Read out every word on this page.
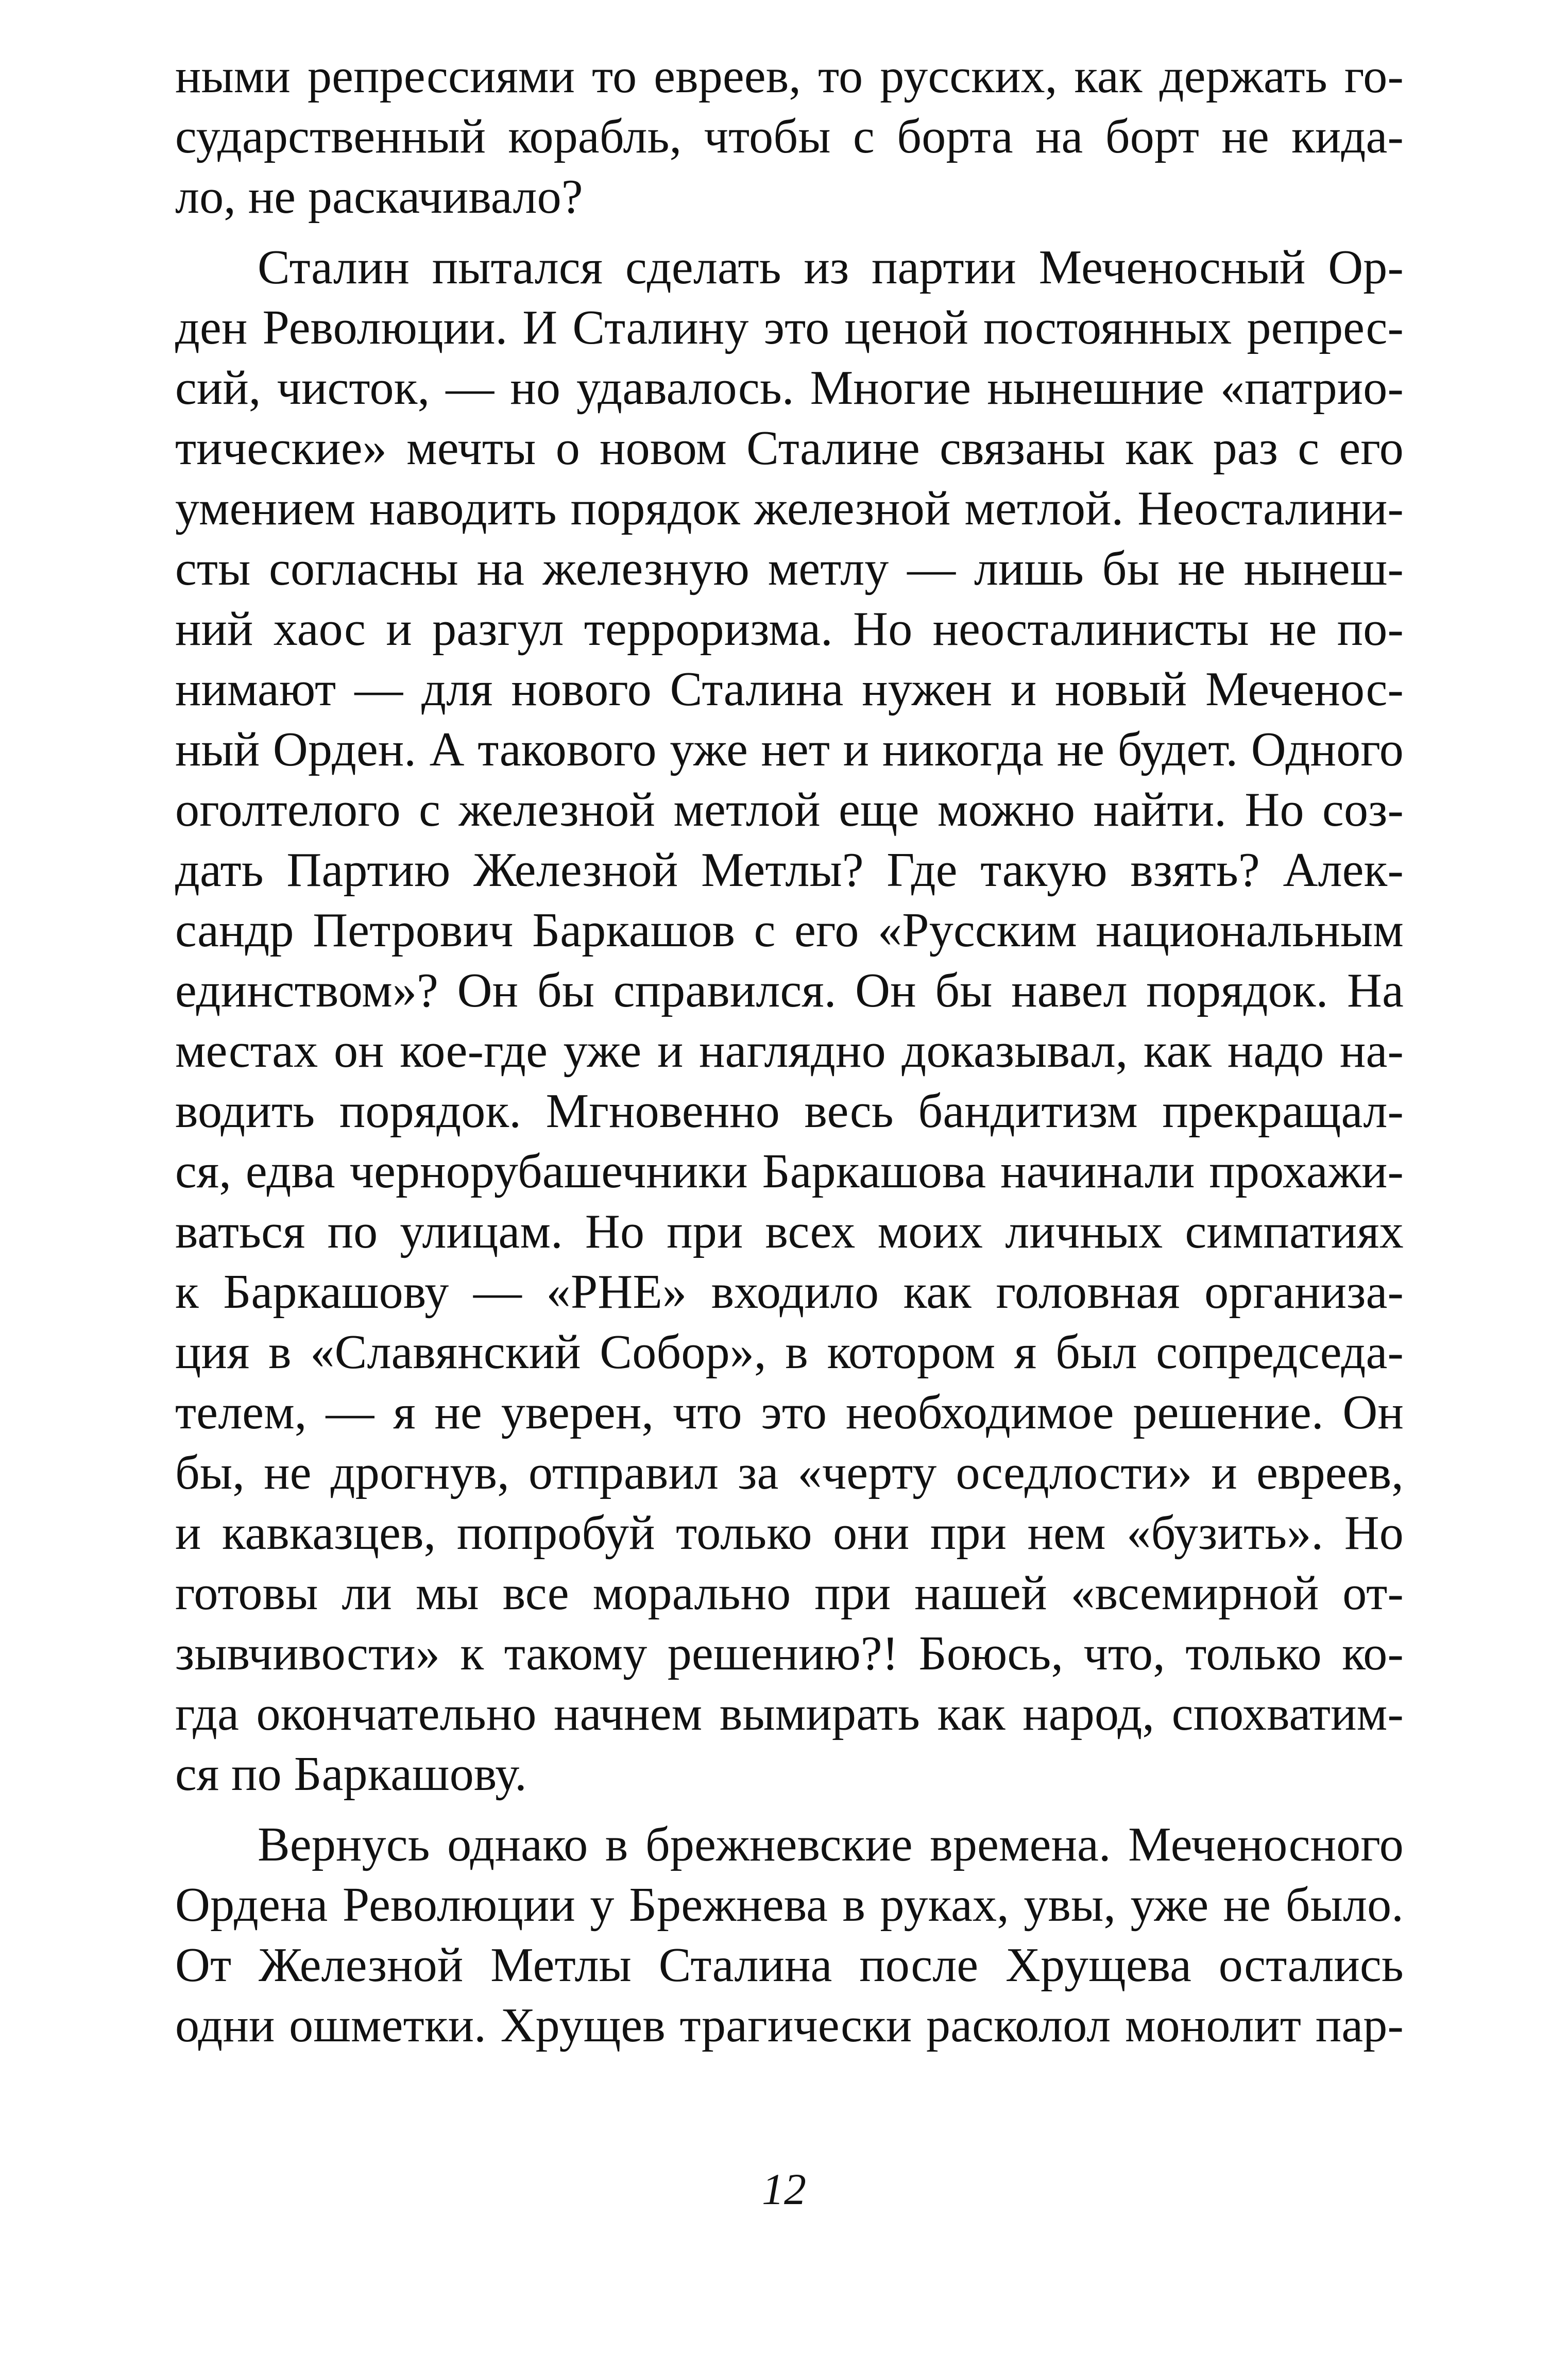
ными репрессиями то евреев, то русских, как держать го-
сударственный корабль, чтобы с борта на борт не кида-
ло, не раскачивало?
Сталин пытался сделать из партии Меченосный Ор-
ден Революции. И Сталину это ценой постоянных репрес-
сий, чисток, — но удавалось. Многие нынешние «патрио-
тические» мечты о новом Сталине связаны как раз с его
умением наводить порядок железной метлой. Неосталини-
сты согласны на железную метлу — лишь бы не нынеш-
ний хаос и разгул терроризма. Но неосталинисты не по-
нимают — для нового Сталина нужен и новый Меченос-
ный Орден. А такового уже нет и никогда не будет. Одного
оголтелого с железной метлой еще можно найти. Но соз-
дать Партию Железной Метлы? Где такую взять? Алек-
сандр Петрович Баркашов с его «Русским национальным
единством»? Он бы справился. Он бы навел порядок. На
местах он кое-где уже и наглядно доказывал, как надо на-
водить порядок. Мгновенно весь бандитизм прекращал-
ся, едва чернорубашечники Баркашова начинали прохажи-
ваться по улицам. Но при всех моих личных симпатиях
к Баркашову — «РНЕ» входило как головная организа-
ция в «Славянский Собор», в котором я был сопредседа-
телем, — я не уверен, что это необходимое решение. Он
бы, не дрогнув, отправил за «черту оседлости» и евреев,
и кавказцев, попробуй только они при нем «бузить». Но
готовы ли мы все морально при нашей «всемирной от-
зывчивости» к такому решению?! Боюсь, что, только ко-
гда окончательно начнем вымирать как народ, спохватим-
ся по Баркашову.
Вернусь однако в брежневские времена. Меченосного
Ордена Революции у Брежнева в руках, увы, уже не было.
От Железной Метлы Сталина после Хрущева остались
одни ошметки. Хрущев трагически расколол монолит пар-
12
